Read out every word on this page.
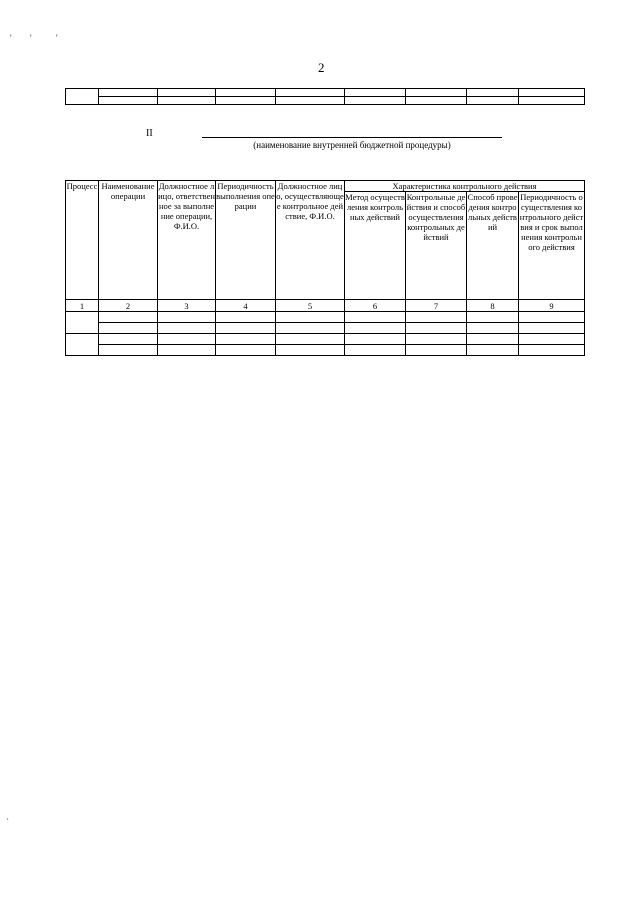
' '	'
`
2

II
(наименование внутренней бюджетной процедуры)
Процесс	Наименование операции	Должностное лицо, ответственное за выполнение операции, Ф.И.О.	Периодичность выполнения операции	Должностное лицо, осуществляющее контрольное действие, Ф.И.О.	Характеристика контрольного действия			
					Метод осуществления контрольных действий	Контрольные действия и способ осуществления контрольных действий	Способ проведения контрольных действий	Периодичность осуществления контрольного действия и срок выполнения контрольного действия
1	2	3	4	5	6	7	8	9
